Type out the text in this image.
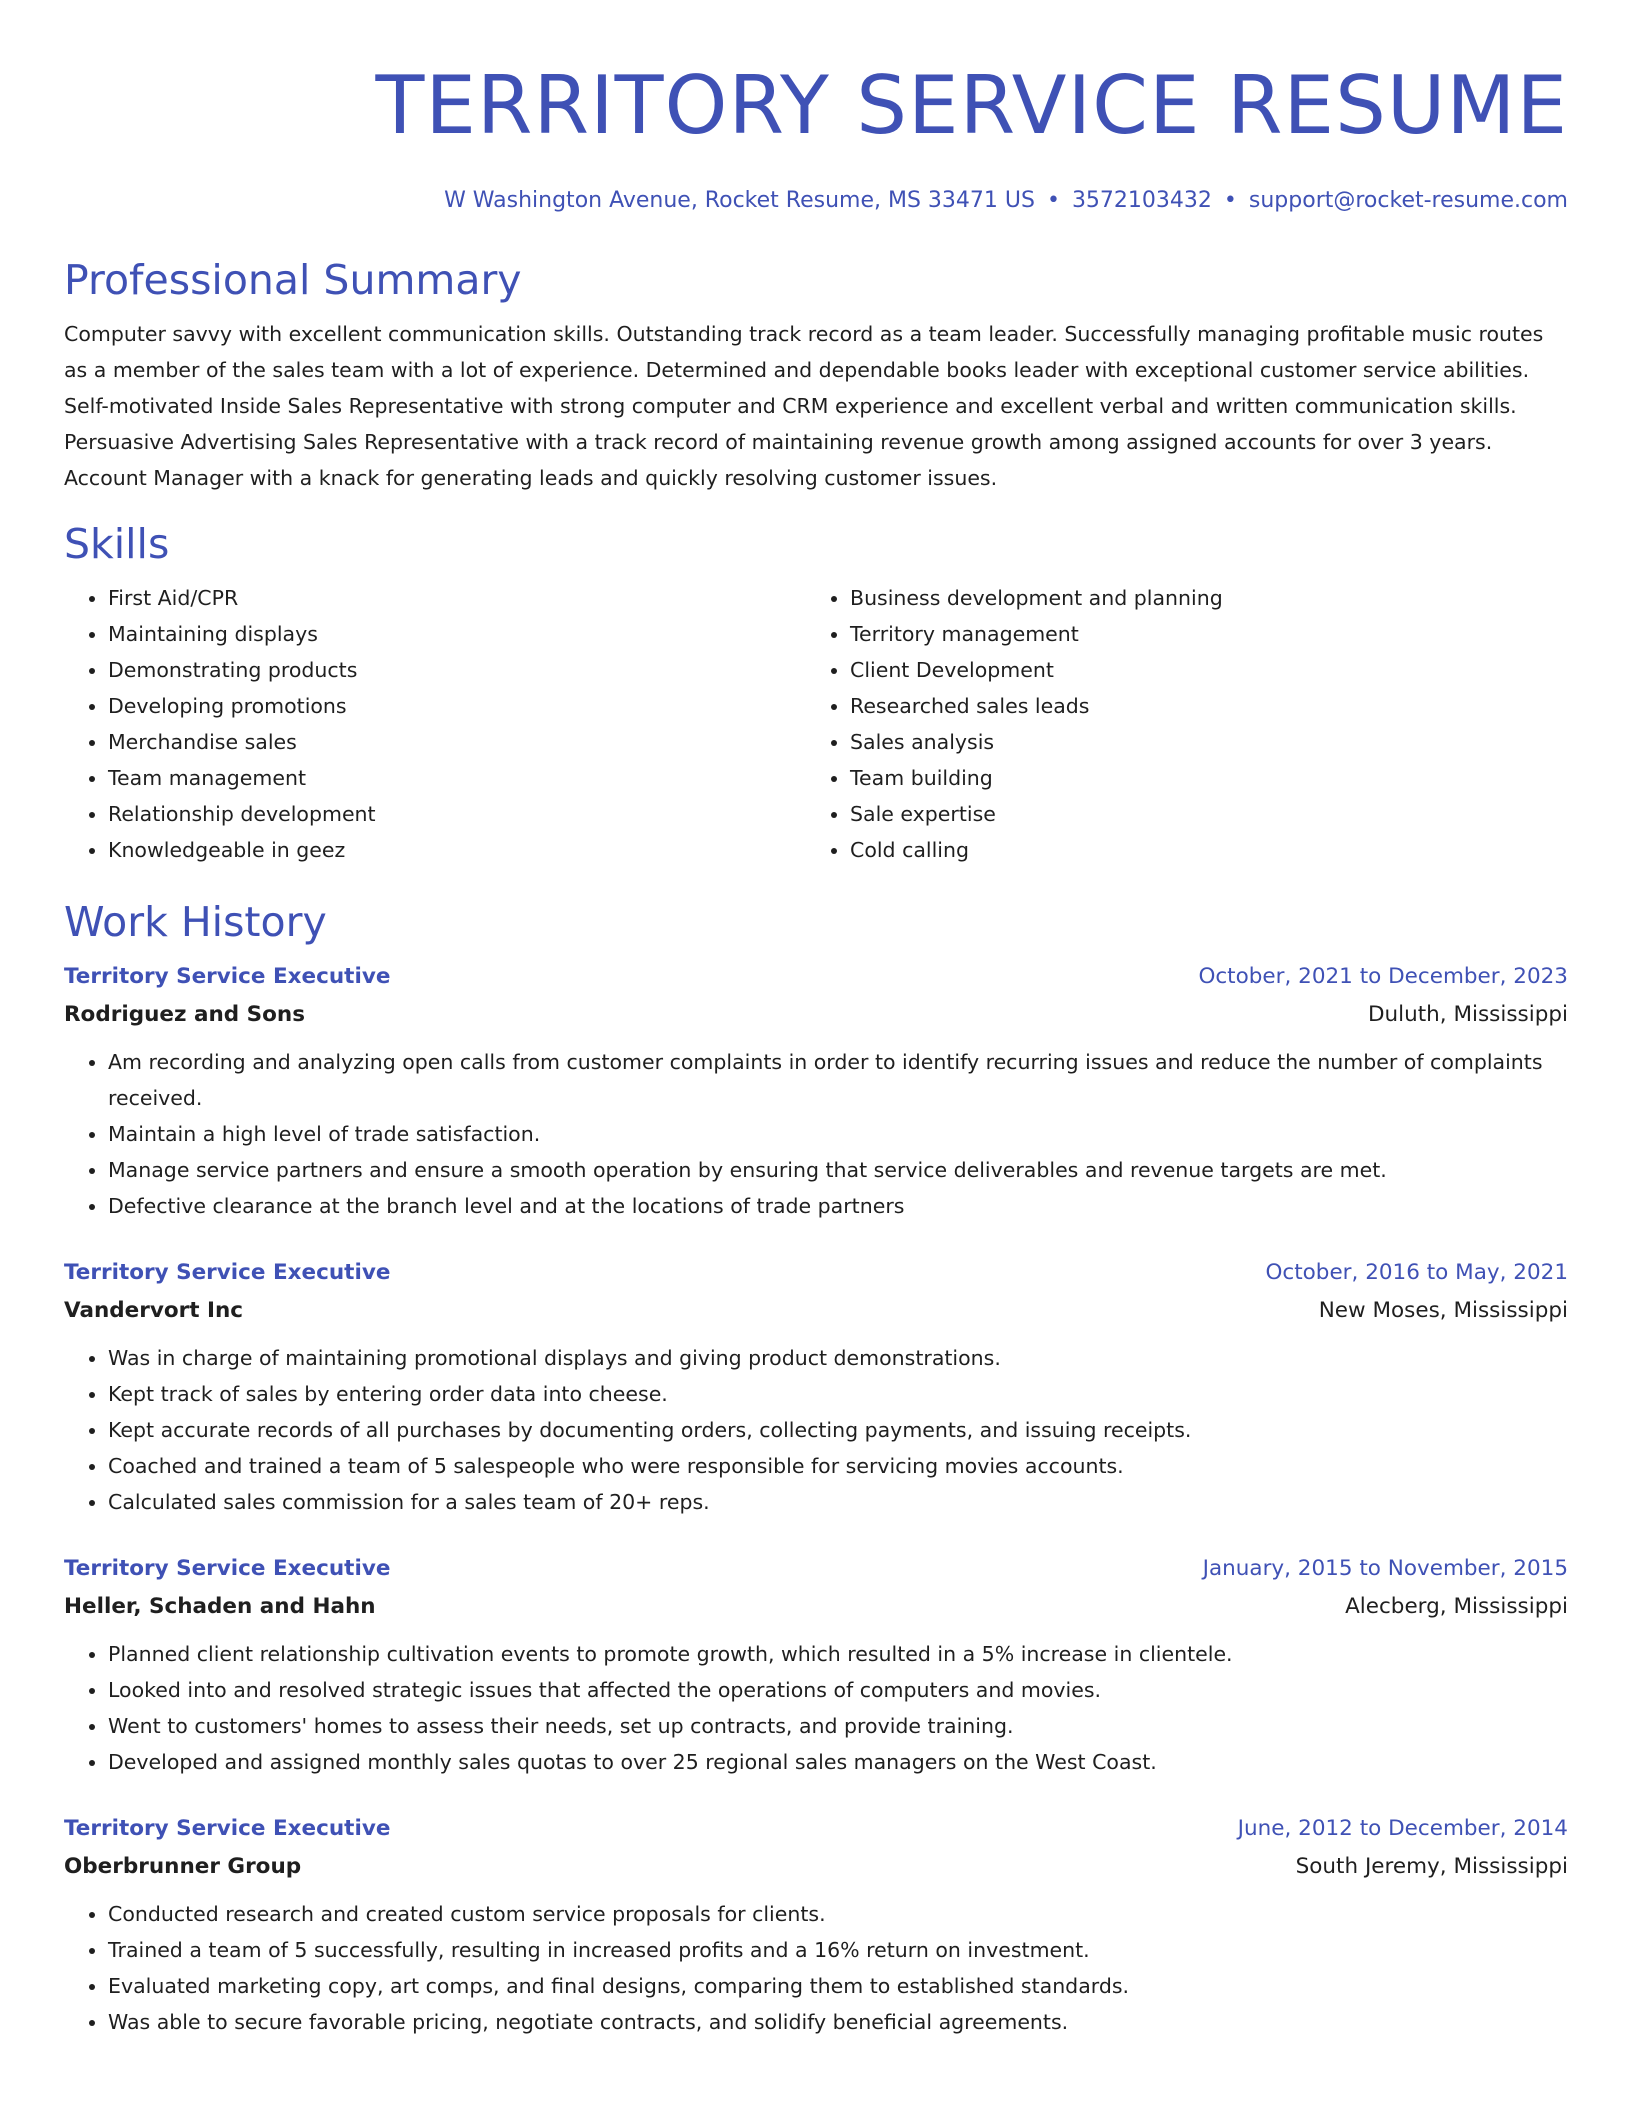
TERRITORY SERVICE RESUME
W Washington Avenue, Rocket Resume, MS 33471 US • 3572103432 • support@rocket-resume.com
Professional Summary
Computer savvy with excellent communication skills. Outstanding track record as a team leader. Successfully managing profitable music routes as a member of the sales team with a lot of experience. Determined and dependable books leader with exceptional customer service abilities. Self-motivated Inside Sales Representative with strong computer and CRM experience and excellent verbal and written communication skills. Persuasive Advertising Sales Representative with a track record of maintaining revenue growth among assigned accounts for over 3 years. Account Manager with a knack for generating leads and quickly resolving customer issues.
Skills
• First Aid/CPR
• Maintaining displays
• Demonstrating products
• Developing promotions
• Merchandise sales
• Team management
• Relationship development
• Knowledgeable in geez
• Business development and planning
• Territory management
• Client Development
• Researched sales leads
• Sales analysis
• Team building
• Sale expertise
• Cold calling
Work History
Territory Service Executive	October, 2021 to December, 2023
Rodriguez and Sons	Duluth, Mississippi
• Am recording and analyzing open calls from customer complaints in order to identify recurring issues and reduce the number of complaints received.
• Maintain a high level of trade satisfaction.
• Manage service partners and ensure a smooth operation by ensuring that service deliverables and revenue targets are met.
• Defective clearance at the branch level and at the locations of trade partners
Territory Service Executive	October, 2016 to May, 2021
Vandervort Inc	New Moses, Mississippi
• Was in charge of maintaining promotional displays and giving product demonstrations.
• Kept track of sales by entering order data into cheese.
• Kept accurate records of all purchases by documenting orders, collecting payments, and issuing receipts.
• Coached and trained a team of 5 salespeople who were responsible for servicing movies accounts.
• Calculated sales commission for a sales team of 20+ reps.
Territory Service Executive	January, 2015 to November, 2015
Heller, Schaden and Hahn	Alecberg, Mississippi
• Planned client relationship cultivation events to promote growth, which resulted in a 5% increase in clientele.
• Looked into and resolved strategic issues that affected the operations of computers and movies.
• Went to customers' homes to assess their needs, set up contracts, and provide training.
• Developed and assigned monthly sales quotas to over 25 regional sales managers on the West Coast.
Territory Service Executive	June, 2012 to December, 2014
Oberbrunner Group	South Jeremy, Mississippi
• Conducted research and created custom service proposals for clients.
• Trained a team of 5 successfully, resulting in increased profits and a 16% return on investment.
• Evaluated marketing copy, art comps, and final designs, comparing them to established standards.
• Was able to secure favorable pricing, negotiate contracts, and solidify beneficial agreements.
